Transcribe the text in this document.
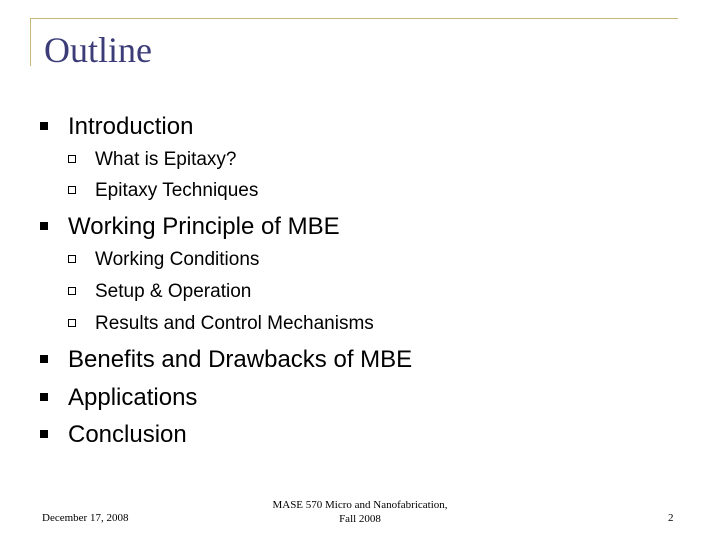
Outline
Introduction
What is Epitaxy?
Epitaxy Techniques
Working Principle of MBE
Working Conditions
Setup & Operation
Results and Control Mechanisms
Benefits and Drawbacks of MBE
Applications
Conclusion
December 17, 2008
MASE 570 Micro and Nanofabrication,
Fall 2008	2
